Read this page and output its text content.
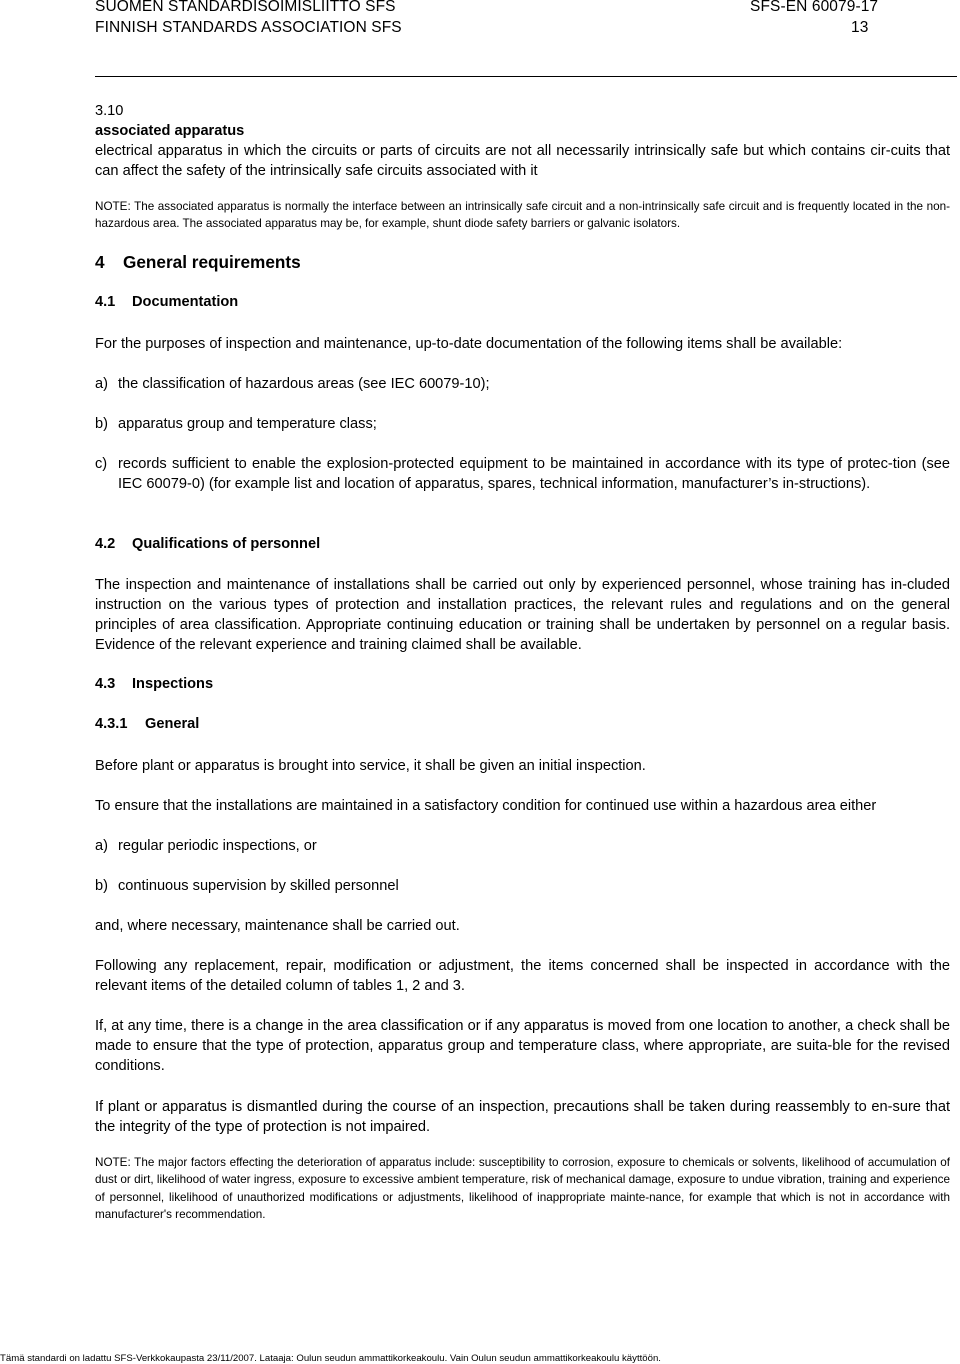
SUOMEN STANDARDISOIMISLIITTO SFS
FINNISH STANDARDS ASSOCIATION SFS
SFS-EN 60079-17
13
3.10
associated apparatus

electrical apparatus in which the circuits or parts of circuits are not all necessarily intrinsically safe but which contains cir-cuits that can affect the safety of the intrinsically safe circuits associated with it

NOTE: The associated apparatus is normally the interface between an intrinsically safe circuit and a non-intrinsically safe circuit and is frequently located in the non-hazardous area. The associated apparatus may be, for example, shunt diode safety barriers or galvanic isolators.

4 General requirements
4.1 Documentation

For the purposes of inspection and maintenance, up-to-date documentation of the following items shall be available:

a) the classification of hazardous areas (see IEC 60079-10);

b) apparatus group and temperature class;

c) records sufficient to enable the explosion-protected equipment to be maintained in accordance with its type of protec-tion (see IEC 60079-0) (for example list and location of apparatus, spares, technical information, manufacturer’s in-structions).

4.2 Qualifications of personnel

The inspection and maintenance of installations shall be carried out only by experienced personnel, whose training has in-cluded instruction on the various types of protection and installation practices, the relevant rules and regulations and on the general principles of area classification. Appropriate continuing education or training shall be undertaken by personnel on a regular basis. Evidence of the relevant experience and training claimed shall be available.

4.3 Inspections
4.3.1 General

Before plant or apparatus is brought into service, it shall be given an initial inspection.

To ensure that the installations are maintained in a satisfactory condition for continued use within a hazardous area either

a) regular periodic inspections, or

b) continuous supervision by skilled personnel

and, where necessary, maintenance shall be carried out.

Following any replacement, repair, modification or adjustment, the items concerned shall be inspected in accordance with the relevant items of the detailed column of tables 1, 2 and 3.

If, at any time, there is a change in the area classification or if any apparatus is moved from one location to another, a check shall be made to ensure that the type of protection, apparatus group and temperature class, where appropriate, are suita-ble for the revised conditions.

If plant or apparatus is dismantled during the course of an inspection, precautions shall be taken during reassembly to en-sure that the integrity of the type of protection is not impaired.

NOTE: The major factors effecting the deterioration of apparatus include: susceptibility to corrosion, exposure to chemicals or solvents, likelihood of accumulation of dust or dirt, likelihood of water ingress, exposure to excessive ambient temperature, risk of mechanical damage, exposure to undue vibration, training and experience of personnel, likelihood of unauthorized modifications or adjustments, likelihood of inappropriate mainte-nance, for example that which is not in accordance with manufacturer's recommendation.

Tämä standardi on ladattu SFS-Verkkokaupasta 23/11/2007. Lataaja: Oulun seudun ammattikorkeakoulu. Vain Oulun seudun ammattikorkeakoulu käyttöön.
